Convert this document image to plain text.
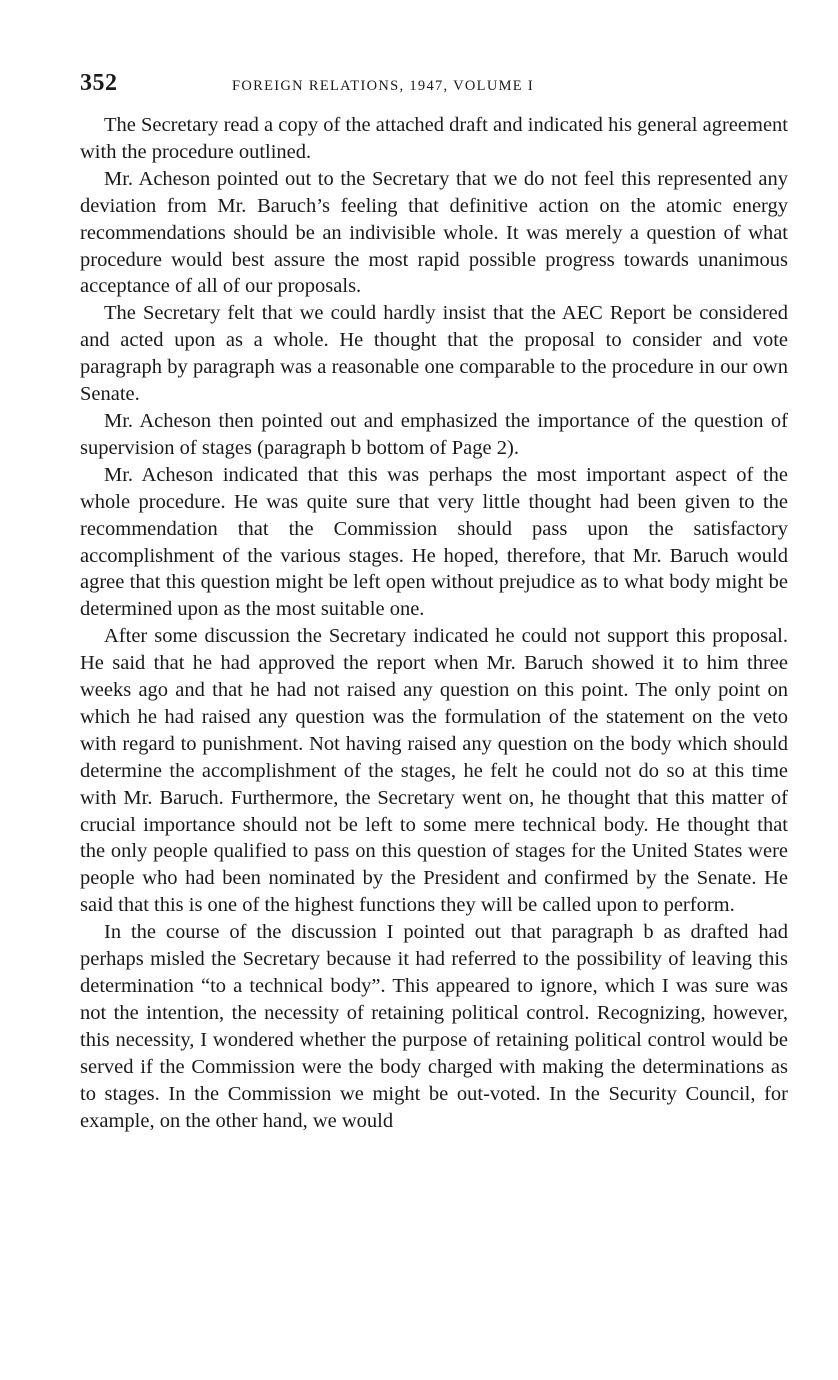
352	FOREIGN RELATIONS, 1947, VOLUME I

The Secretary read a copy of the attached draft and indicated his general agreement with the procedure outlined.

Mr. Acheson pointed out to the Secretary that we do not feel this represented any deviation from Mr. Baruch’s feeling that definitive action on the atomic energy recommendations should be an indivisible whole. It was merely a question of what procedure would best assure the most rapid possible progress towards unanimous acceptance of all of our proposals.

The Secretary felt that we could hardly insist that the AEC Report be considered and acted upon as a whole. He thought that the proposal to consider and vote paragraph by paragraph was a reasonable one comparable to the procedure in our own Senate.

Mr. Acheson then pointed out and emphasized the importance of the question of supervision of stages (paragraph b bottom of Page 2).

Mr. Acheson indicated that this was perhaps the most important aspect of the whole procedure. He was quite sure that very little thought had been given to the recommendation that the Commission should pass upon the satisfactory accomplishment of the various stages. He hoped, therefore, that Mr. Baruch would agree that this question might be left open without prejudice as to what body might be determined upon as the most suitable one.

After some discussion the Secretary indicated he could not support this proposal. He said that he had approved the report when Mr. Baruch showed it to him three weeks ago and that he had not raised any question on this point. The only point on which he had raised any question was the formulation of the statement on the veto with regard to punishment. Not having raised any question on the body which should determine the accomplishment of the stages, he felt he could not do so at this time with Mr. Baruch. Furthermore, the Secretary went on, he thought that this matter of crucial importance should not be left to some mere technical body. He thought that the only people qualified to pass on this question of stages for the United States were people who had been nominated by the President and confirmed by the Senate. He said that this is one of the highest functions they will be called upon to perform.

In the course of the discussion I pointed out that paragraph b as drafted had perhaps misled the Secretary because it had referred to the possibility of leaving this determination “to a technical body”. This appeared to ignore, which I was sure was not the intention, the necessity of retaining political control. Recognizing, however, this necessity, I wondered whether the purpose of retaining political control would be served if the Commission were the body charged with making the determinations as to stages. In the Commission we might be out-voted. In the Security Council, for example, on the other hand, we would
